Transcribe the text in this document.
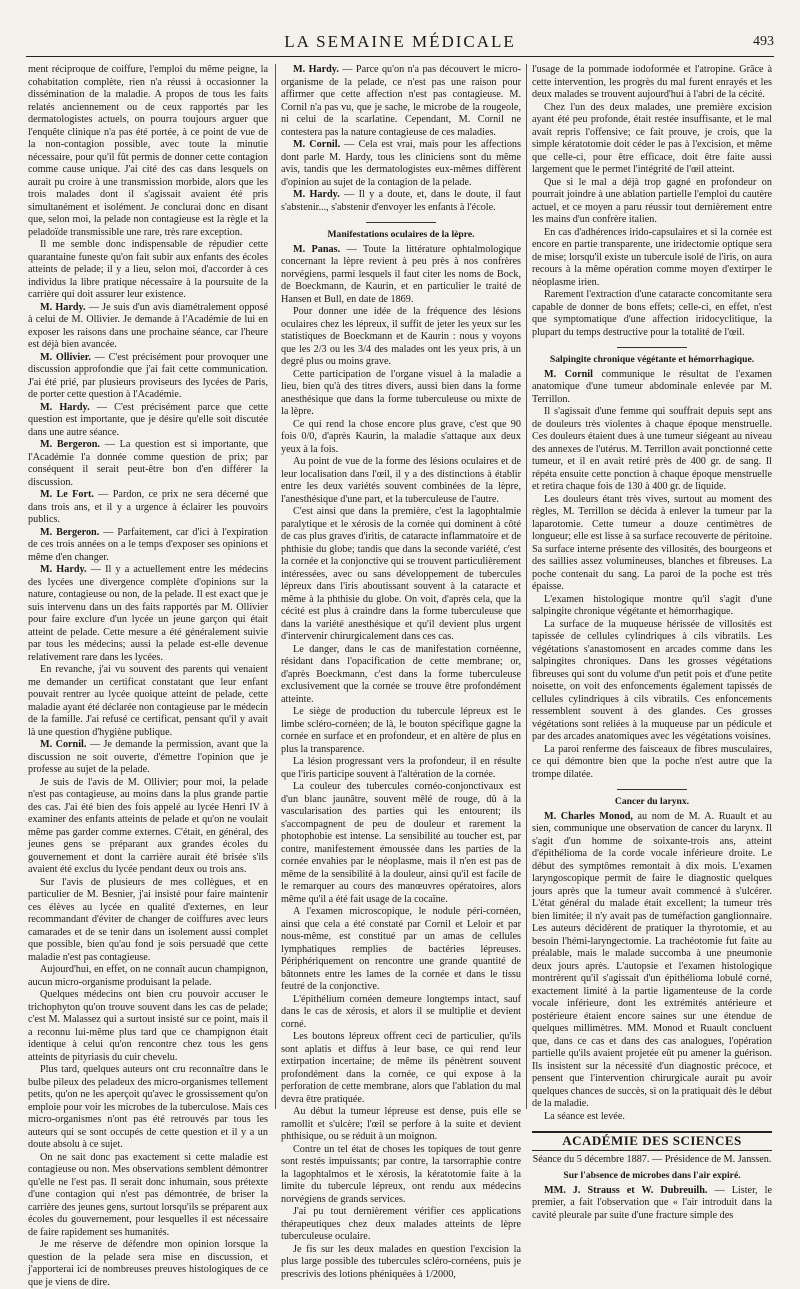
LA SEMAINE MÉDICALE	493

ment réciproque de coiffure, l'emploi du même peigne, la cohabitation complète, rien n'a réussi à occasionner la dissémination de la maladie. A propos de tous les faits relatés anciennement ou de ceux rapportés par les dermatologistes actuels, on pourra toujours arguer que l'enquête clinique n'a pas été portée, à ce point de vue de la non-contagion possible, avec toute la minutie nécessaire, pour qu'il fût permis de donner cette contagion comme cause unique. J'ai cité des cas dans lesquels on aurait pu croire à une transmission morbide, alors que les trois malades dont il s'agissait avaient été pris simultanément et isolément. Je conclurai donc en disant que, selon moi, la pelade non contagieuse est la règle et la peladoïde transmissible une rare, très rare exception.

Il me semble donc indispensable de répudier cette quarantaine funeste qu'on fait subir aux enfants des écoles atteints de pelade; il y a lieu, selon moi, d'accorder à ces individus la libre pratique nécessaire à la poursuite de la carrière qui doit assurer leur existence.

M. Hardy. — Je suis d'un avis diamétralement opposé à celui de M. Ollivier. Je demande à l'Académie de lui en exposer les raisons dans une prochaine séance, car l'heure est déjà bien avancée.

M. Ollivier. — C'est précisément pour provoquer une discussion approfondie que j'ai fait cette communication. J'ai été prié, par plusieurs proviseurs des lycées de Paris, de porter cette question à l'Académie.

M. Hardy. — C'est précisément parce que cette question est importante, que je désire qu'elle soit discutée dans une autre séance.

M. Bergeron. — La question est si importante, que l'Académie l'a donnée comme question de prix; par conséquent il serait peut-être bon d'en différer la discussion.

M. Le Fort. — Pardon, ce prix ne sera décerné que dans trois ans, et il y a urgence à éclairer les pouvoirs publics.

M. Bergeron. — Parfaitement, car d'ici à l'expiration de ces trois années on a le temps d'exposer ses opinions et même d'en changer.

M. Hardy. — Il y a actuellement entre les médecins des lycées une divergence complète d'opinions sur la nature, contagieuse ou non, de la pelade. Il est exact que je suis intervenu dans un des faits rapportés par M. Ollivier pour faire exclure d'un lycée un jeune garçon qui était atteint de pelade. Cette mesure a été généralement suivie par tous les médecins; aussi la pelade est-elle devenue relativement rare dans les lycées.

En revanche, j'ai vu souvent des parents qui venaient me demander un certificat constatant que leur enfant pouvait rentrer au lycée quoique atteint de pelade, cette maladie ayant été déclarée non contagieuse par le médecin de la famille. J'ai refusé ce certificat, pensant qu'il y avait là une question d'hygiène publique.

M. Cornil. — Je demande la permission, avant que la discussion ne soit ouverte, d'émettre l'opinion que je professe au sujet de la pelade.

Je suis de l'avis de M. Ollivier; pour moi, la pelade n'est pas contagieuse, au moins dans la plus grande partie des cas. J'ai été bien des fois appelé au lycée Henri IV à examiner des enfants atteints de pelade et qu'on ne voulait même pas garder comme externes. C'était, en général, des jeunes gens se préparant aux grandes écoles du gouvernement et dont la carrière aurait été brisée s'ils avaient été exclus du lycée pendant deux ou trois ans.

Sur l'avis de plusieurs de mes collègues, et en particulier de M. Besnier, j'ai insisté pour faire maintenir ces élèves au lycée en qualité d'externes, en leur recommandant d'éviter de changer de coiffures avec leurs camarades et de se tenir dans un isolement aussi complet que possible, bien qu'au fond je sois persuadé que cette maladie n'est pas contagieuse.

Aujourd'hui, en effet, on ne connaît aucun champignon, aucun micro-organisme produisant la pelade.

Quelques médecins ont bien cru pouvoir accuser le trichophyton qu'on trouve souvent dans les cas de pelade; c'est M. Malassez qui a surtout insisté sur ce point, mais il a reconnu lui-même plus tard que ce champignon était identique à celui qu'on rencontre chez tous les gens atteints de pityriasis du cuir chevelu.

Plus tard, quelques auteurs ont cru reconnaître dans le bulbe pileux des peladeux des micro-organismes tellement petits, qu'on ne les aperçoit qu'avec le grossissement qu'on emploie pour voir les microbes de la tuberculose. Mais ces micro-organismes n'ont pas été retrouvés par tous les auteurs qui se sont occupés de cette question et il y a un doute absolu à ce sujet.

On ne sait donc pas exactement si cette maladie est contagieuse ou non. Mes observations semblent démontrer qu'elle ne l'est pas. Il serait donc inhumain, sous prétexte d'une contagion qui n'est pas démontrée, de briser la carrière des jeunes gens, surtout lorsqu'ils se préparent aux écoles du gouvernement, pour lesquelles il est nécessaire de faire rapidement ses humanités.

Je me réserve de défendre mon opinion lorsque la question de la pelade sera mise en discussion, et j'apporterai ici de nombreuses preuves histologiques de ce que je viens de dire.

M. Hardy. — Parce qu'on n'a pas découvert le micro-organisme de la pelade, ce n'est pas une raison pour affirmer que cette affection n'est pas contagieuse. M. Cornil n'a pas vu, que je sache, le microbe de la rougeole, ni celui de la scarlatine. Cependant, M. Cornil ne contestera pas la nature contagieuse de ces maladies.

M. Cornil. — Cela est vrai, mais pour les affections dont parle M. Hardy, tous les cliniciens sont du même avis, tandis que les dermatologistes eux-mêmes diffèrent d'opinion au sujet de la contagion de la pelade.

M. Hardy. — Il y a doute, et, dans le doute, il faut s'abstenir..., s'abstenir d'envoyer les enfants à l'école.

Manifestations oculaires de la lèpre.

M. Panas. — Toute la littérature ophtalmologique concernant la lèpre revient à peu près à nos confrères norvégiens, parmi lesquels il faut citer les noms de Bock, de Boeckmann, de Kaurin, et en particulier le traité de Hansen et Bull, en date de 1869.

Pour donner une idée de la fréquence des lésions oculaires chez les lépreux, il suffit de jeter les yeux sur les statistiques de Boeckmann et de Kaurin : nous y voyons que les 2/3 ou les 3/4 des malades ont les yeux pris, à un degré plus ou moins grave.

Cette participation de l'organe visuel à la maladie a lieu, bien qu'à des titres divers, aussi bien dans la forme anesthésique que dans la forme tuberculeuse ou mixte de la lèpre.

Ce qui rend la chose encore plus grave, c'est que 90 fois 0/0, d'après Kaurin, la maladie s'attaque aux deux yeux à la fois.

Au point de vue de la forme des lésions oculaires et de leur localisation dans l'œil, il y a des distinctions à établir entre les deux variétés souvent combinées de la lèpre, l'anesthésique d'une part, et la tuberculeuse de l'autre.

C'est ainsi que dans la première, c'est la lagophtalmie paralytique et le xérosis de la cornée qui dominent à côté de cas plus graves d'iritis, de cataracte inflammatoire et de phthisie du globe; tandis que dans la seconde variété, c'est la cornée et la conjonctive qui se trouvent particulièrement intéressées, avec ou sans développement de tubercules lépreux dans l'iris aboutissant souvent à la cataracte et même à la phthisie du globe. On voit, d'après cela, que la cécité est plus à craindre dans la forme tuberculeuse que dans la variété anesthésique et qu'il devient plus urgent d'intervenir chirurgicalement dans ces cas.

Le danger, dans le cas de manifestation cornéenne, résidant dans l'opacification de cette membrane; or, d'après Boeckmann, c'est dans la forme tuberculeuse exclusivement que la cornée se trouve être profondément atteinte.

Le siège de production du tubercule lépreux est le limbe scléro-cornéen; de là, le bouton spécifique gagne la cornée en surface et en profondeur, et en altère de plus en plus la transparence.

La lésion progressant vers la profondeur, il en résulte que l'iris participe souvent à l'altération de la cornée.

La couleur des tubercules cornéo-conjonctivaux est d'un blanc jaunâtre, souvent mêlé de rouge, dû à la vascularisation des parties qui les entourent; ils s'accompagnent de peu de douleur et rarement la photophobie est intense. La sensibilité au toucher est, par contre, manifestement émoussée dans les parties de la cornée envahies par le néoplasme, mais il n'en est pas de même de la sensibilité à la douleur, ainsi qu'il est facile de le remarquer au cours des manœuvres opératoires, alors même qu'il a été fait usage de la cocaïne.

A l'examen microscopique, le nodule péri-cornéen, ainsi que cela a été constaté par Cornil et Leloir et par nous-même, est constitué par un amas de cellules lymphatiques remplies de bactéries lépreuses. Périphériquement on rencontre une grande quantité de bâtonnets entre les lames de la cornée et dans le tissu feutré de la conjonctive.

L'épithélium cornéen demeure longtemps intact, sauf dans le cas de xérosis, et alors il se multiplie et devient corné.

Les boutons lépreux offrent ceci de particulier, qu'ils sont aplatis et diffus à leur base, ce qui rend leur extirpation incertaine; de même ils pénètrent souvent profondément dans la cornée, ce qui expose à la perforation de cette membrane, alors que l'ablation du mal devra être pratiquée.

Au début la tumeur lépreuse est dense, puis elle se ramollit et s'ulcère; l'œil se perfore à la suite et devient phthisique, ou se réduit à un moignon.

Contre un tel état de choses les topiques de tout genre sont restés impuissants; par contre, la tarsorraphie contre la lagophtalmos et le xérosis, la kératotomie faite à la limite du tubercule lépreux, ont rendu aux médecins norvégiens de grands services.

J'ai pu tout dernièrement vérifier ces applications thérapeutiques chez deux malades atteints de lèpre tuberculeuse oculaire.

Je fis sur les deux malades en question l'excision la plus large possible des tubercules scléro-cornéens, puis je prescrivis des lotions phéniquées à 1/2000,

l'usage de la pommade iodoformée et l'atropine. Grâce à cette intervention, les progrès du mal furent enrayés et les deux malades se trouvent aujourd'hui à l'abri de la cécité.

Chez l'un des deux malades, une première excision ayant été peu profonde, était restée insuffisante, et le mal avait repris l'offensive; ce fait prouve, je crois, que la simple kératotomie doit céder le pas à l'excision, et même que celle-ci, pour être efficace, doit être faite aussi largement que le permet l'intégrité de l'œil atteint.

Que si le mal a déjà trop gagné en profondeur on pourrait joindre à une ablation partielle l'emploi du cautère actuel, et ce moyen a paru réussir tout dernièrement entre les mains d'un confrère italien.

En cas d'adhérences irido-capsulaires et si la cornée est encore en partie transparente, une iridectomie optique sera de mise; lorsqu'il existe un tubercule isolé de l'iris, on aura recours à la même opération comme moyen d'extirper le néoplasme irien.

Rarement l'extraction d'une cataracte concomitante sera capable de donner de bons effets; celle-ci, en effet, n'est que symptomatique d'une affection iridocyclitique, la plupart du temps destructive pour la totalité de l'œil.

Salpingite chronique végétante et hémorrhagique.

M. Cornil communique le résultat de l'examen anatomique d'une tumeur abdominale enlevée par M. Terrillon.

Il s'agissait d'une femme qui souffrait depuis sept ans de douleurs très violentes à chaque époque menstruelle. Ces douleurs étaient dues à une tumeur siégeant au niveau des annexes de l'utérus. M. Terrillon avait ponctionné cette tumeur, et il en avait retiré près de 400 gr. de sang. Il répéta ensuite cette ponction à chaque époque menstruelle et retira chaque fois de 130 à 400 gr. de liquide.

Les douleurs étant très vives, surtout au moment des règles, M. Terrillon se décida à enlever la tumeur par la laparotomie. Cette tumeur a douze centimètres de longueur; elle est lisse à sa surface recouverte de péritoine. Sa surface interne présente des villosités, des bourgeons et des saillies assez volumineuses, blanches et fibreuses. La poche contenait du sang. La paroi de la poche est très épaisse.

L'examen histologique montre qu'il s'agit d'une salpingite chronique végétante et hémorrhagique.

La surface de la muqueuse hérissée de villosités est tapissée de cellules cylindriques à cils vibratils. Les végétations s'anastomosent en arcades comme dans les salpingites chroniques. Dans les grosses végétations fibreuses qui sont du volume d'un petit pois et d'une petite noisette, on voit des enfoncements également tapissés de cellules cylindriques à cils vibratils. Ces enfoncements ressemblent souvent à des glandes. Ces grosses végétations sont reliées à la muqueuse par un pédicule et par des arcades anatomiques avec les végétations voisines.

La paroi renferme des faisceaux de fibres musculaires, ce qui démontre bien que la poche n'est autre que la trompe dilatée.

Cancer du larynx.

M. Charles Monod, au nom de M. A. Ruault et au sien, communique une observation de cancer du larynx. Il s'agit d'un homme de soixante-trois ans, atteint d'épithélioma de la corde vocale inférieure droite. Le début des symptômes remontait à dix mois. L'examen laryngoscopique permit de faire le diagnostic quelques jours après que la tumeur avait commencé à s'ulcérer. L'état général du malade était excellent; la tumeur très bien limitée; il n'y avait pas de tuméfaction ganglionnaire. Les auteurs décidèrent de pratiquer la thyrotomie, et au besoin l'hémi-laryngectomie. La trachéotomie fut faite au préalable, mais le malade succomba à une pneumonie deux jours après. L'autopsie et l'examen histologique montrèrent qu'il s'agissait d'un épithélioma lobulé corné, exactement limité à la partie ligamenteuse de la corde vocale inférieure, dont les extrémités antérieure et postérieure étaient encore saines sur une étendue de quelques millimètres. MM. Monod et Ruault concluent que, dans ce cas et dans des cas analogues, l'opération partielle qu'ils avaient projetée eût pu amener la guérison. Ils insistent sur la nécessité d'un diagnostic précoce, et pensent que l'intervention chirurgicale aurait pu avoir quelques chances de succès, si on la pratiquait dès le début de la maladie.

La séance est levée.

ACADÉMIE DES SCIENCES
Séance du 5 décembre 1887. — Présidence de M. Janssen.
Sur l'absence de microbes dans l'air expiré.

MM. J. Strauss et W. Dubreuilh. — Lister, le premier, a fait l'observation que « l'air introduit dans la cavité pleurale par suite d'une fracture simple des
